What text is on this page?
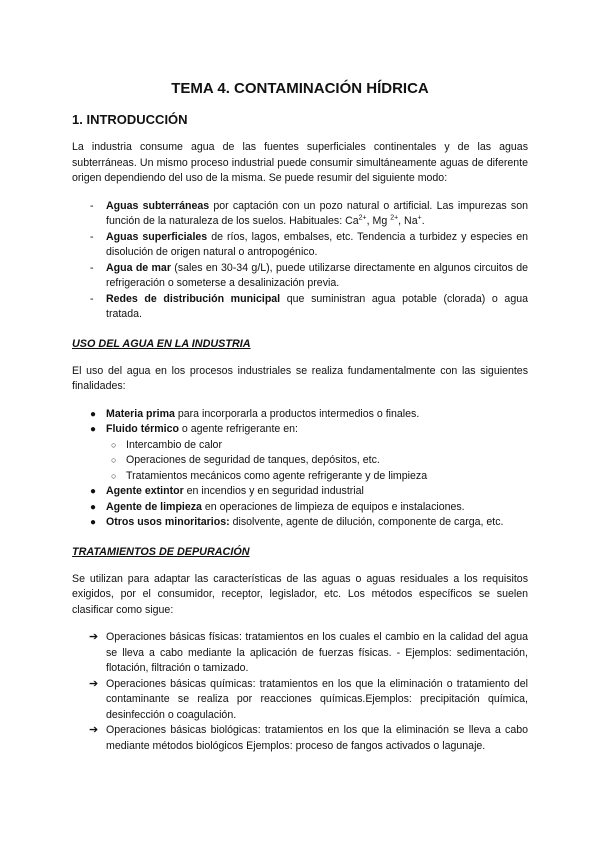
TEMA 4. CONTAMINACIÓN HÍDRICA
1. INTRODUCCIÓN

La industria consume agua de las fuentes superficiales continentales y de las aguas subterráneas. Un mismo proceso industrial puede consumir simultáneamente aguas de diferente origen dependiendo del uso de la misma. Se puede resumir del siguiente modo:

-	Aguas subterráneas por captación con un pozo natural o artificial. Las impurezas son función de la naturaleza de los suelos. Habituales: $Ca^{2+}$, Mg $^{2+}$, Na+.
-	Aguas superficiales de ríos, lagos, embalses, etc. Tendencia a turbidez y especies en disolución de origen natural o antropogénico.
-	Agua de mar (sales en 30-34 g/L), puede utilizarse directamente en algunos circuitos de refrigeración o someterse a desalinización previa.
-	Redes de distribución municipal que suministran agua potable (clorada) o agua tratada.
USO DEL AGUA EN LA INDUSTRIA

El uso del agua en los procesos industriales se realiza fundamentalmente con las siguientes finalidades:

● Materia prima para incorporarla a productos intermedios o finales.
● Fluido térmico o agente refrigerante en:
○ Intercambio de calor
○ Operaciones de seguridad de tanques, depósitos, etc.
○ Tratamientos mecánicos como agente refrigerante y de limpieza
● Agente extintor en incendios y en seguridad industrial
● Agente de limpieza en operaciones de limpieza de equipos e instalaciones.
● Otros usos minoritarios: disolvente, agente de dilución, componente de carga, etc.
TRATAMIENTOS DE DEPURACIÓN

Se utilizan para adaptar las características de las aguas o aguas residuales a los requisitos exigidos, por el consumidor, receptor, legislador, etc. Los métodos específicos se suelen clasificar como sigue:

➔ Operaciones básicas físicas: tratamientos en los cuales el cambio en la calidad del agua se lleva a cabo mediante la aplicación de fuerzas físicas. - Ejemplos: sedimentación, flotación, filtración o tamizado.
➔ Operaciones básicas químicas: tratamientos en los que la eliminación o tratamiento del contaminante se realiza por reacciones químicas.Ejemplos: precipitación química, desinfección o coagulación.
➔ Operaciones básicas biológicas: tratamientos en los que la eliminación se lleva a cabo mediante métodos biológicos Ejemplos: proceso de fangos activados o lagunaje.
